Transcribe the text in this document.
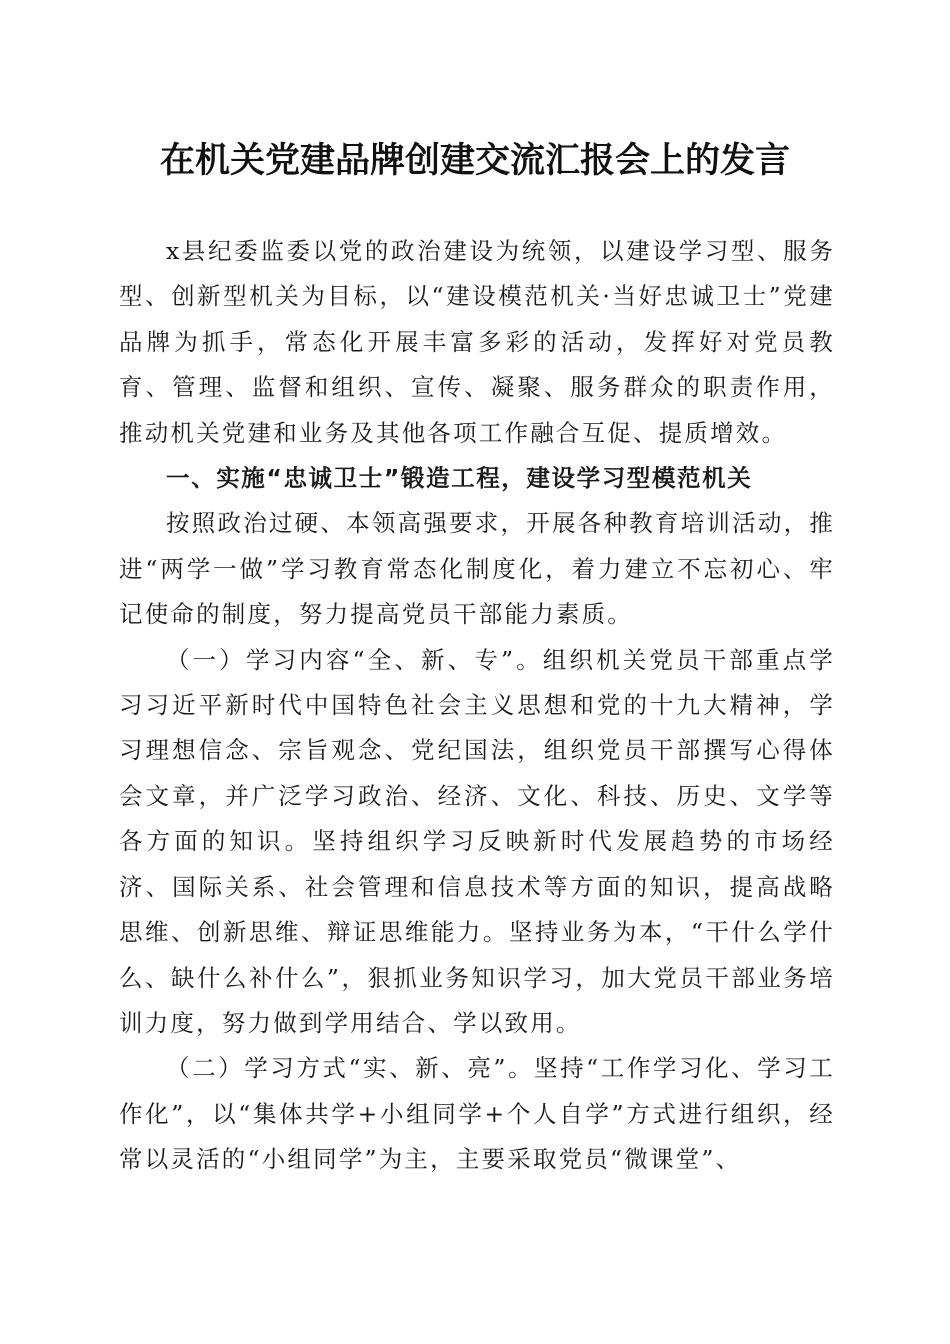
在机关党建品牌创建交流汇报会上的发言

x县纪委监委以党的政治建设为统领，以建设学习型、服务型、创新型机关为目标，以“建设模范机关·当好忠诚卫士”党建品牌为抓手，常态化开展丰富多彩的活动，发挥好对党员教育、管理、监督和组织、宣传、凝聚、服务群众的职责作用，推动机关党建和业务及其他各项工作融合互促、提质增效。

一、实施“忠诚卫士”锻造工程，建设学习型模范机关

按照政治过硬、本领高强要求，开展各种教育培训活动，推进“两学一做”学习教育常态化制度化，着力建立不忘初心、牢记使命的制度，努力提高党员干部能力素质。

（一）学习内容“全、新、专”。组织机关党员干部重点学习习近平新时代中国特色社会主义思想和党的十九大精神，学习理想信念、宗旨观念、党纪国法，组织党员干部撰写心得体会文章，并广泛学习政治、经济、文化、科技、历史、文学等各方面的知识。坚持组织学习反映新时代发展趋势的市场经济、国际关系、社会管理和信息技术等方面的知识，提高战略思维、创新思维、辩证思维能力。坚持业务为本，“干什么学什么、缺什么补什么”，狠抓业务知识学习，加大党员干部业务培训力度，努力做到学用结合、学以致用。

（二）学习方式“实、新、亮”。坚持“工作学习化、学习工作化”，以“集体共学+小组同学+个人自学”方式进行组织，经常以灵活的“小组同学”为主，主要采取党员“微课堂”、
